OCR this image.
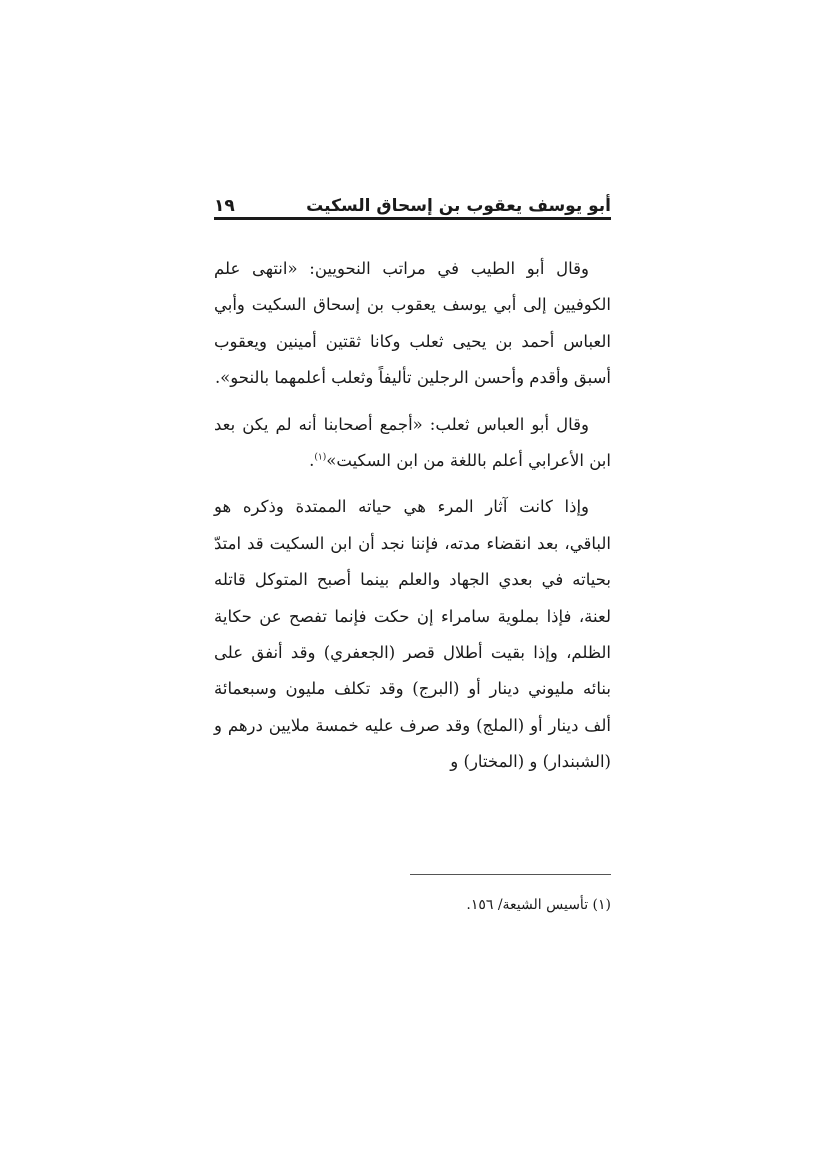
أبو يوسف يعقوب بن إسحاق السكيت
١٩

وقال أبو الطيب في مراتب النحويين: «انتهى علم الكوفيين إلى أبي يوسف يعقوب بن إسحاق السكيت وأبي العباس أحمد بن يحيى ثعلب وكانا ثقتين أمينين ويعقوب أسبق وأقدم وأحسن الرجلين تأليفاً وثعلب أعلمهما بالنحو».

وقال أبو العباس ثعلب: «أجمع أصحابنا أنه لم يكن بعد ابن الأعرابي أعلم باللغة من ابن السكيت»$^{(١)}$.

وإذا كانت آثار المرء هي حياته الممتدة وذكره هو الباقي، بعد انقضاء مدته، فإننا نجد أن ابن السكيت قد امتدّ بحياته في بعدي الجهاد والعلم بينما أصبح المتوكل قاتله لعنة، فإذا بملوية سامراء إن حكت فإنما تفصح عن حكاية الظلم، وإذا بقيت أطلال قصر (الجعفري) وقد أنفق على بنائه مليوني دينار أو (البرج) وقد تكلف مليون وسبعمائة ألف دينار أو (الملج) وقد صرف عليه خمسة ملايين درهم و (الشبندار) و (المختار) و

(١) تأسيس الشيعة/ ١٥٦.
